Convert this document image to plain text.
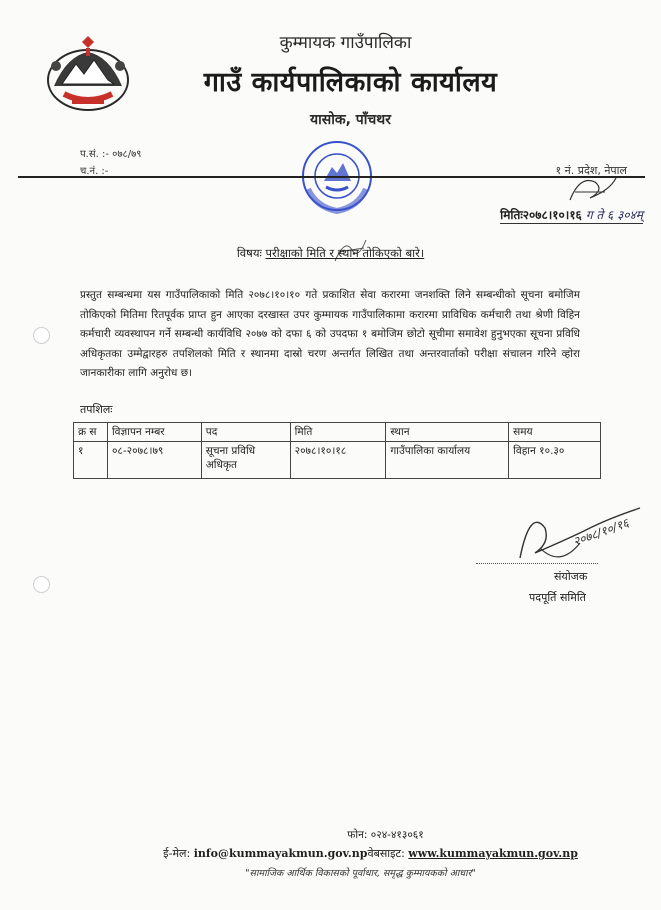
कुम्मायक गाउँपालिका
गाउँ कार्यपालिकाको कार्यालय
यासोक, पाँचथर
प.सं. :- ०७८/७९
च.नं. :-	१ नं. प्रदेश, नेपाल
मितिः२०७८।१०।१६ ग ते ६ ३०४म्
विषयः परीक्षाको मिति र स्थान तोकिएको बारे।
प्रस्तुत सम्बन्धमा यस गाउँपालिकाको मिति २०७८।१०।१० गते प्रकाशित सेवा करारमा जनशक्ति लिने सम्बन्धीको सूचना बमोजिम तोकिएको मितिमा रितपूर्वक प्राप्त हुन आएका दरखास्त उपर कुम्मायक गाउँपालिकामा करारमा प्राविधिक कर्मचारी तथा श्रेणी विहिन कर्मचारी व्यवस्थापन गर्ने सम्बन्धी कार्यविधि २०७७ को दफा ६ को उपदफा १ बमोजिम छोटो सूचीमा समावेश हुनुभएका सूचना प्रविधि अधिकृतका उम्मेद्वारहरु तपशिलको मिति र स्थानमा दास्रो चरण अन्तर्गत लिखित तथा अन्तरवार्ताको परीक्षा संचालन गरिने व्होरा जानकारीका लागि अनुरोध छ।
तपशिलः
क्र स	विज्ञापन नम्बर	पद	मिति	स्थान	समय
१	०८-२०७८।७९	सूचना प्रविधि अधिकृत	२०७८।१०।१८	गाउँपालिका कार्यालय	विहान १०.३०
२०७८/१०/१६
संयोजक
पदपूर्ति समिति
फोन: ०२४-४१३०६१
ई-मेल: info@kummayakmun.gov.npवेबसाइट: www.kummayakmun.gov.np
"सामाजिक आर्थिक विकासको पूर्वाधार, समृद्ध कुम्मायकको आधार"
